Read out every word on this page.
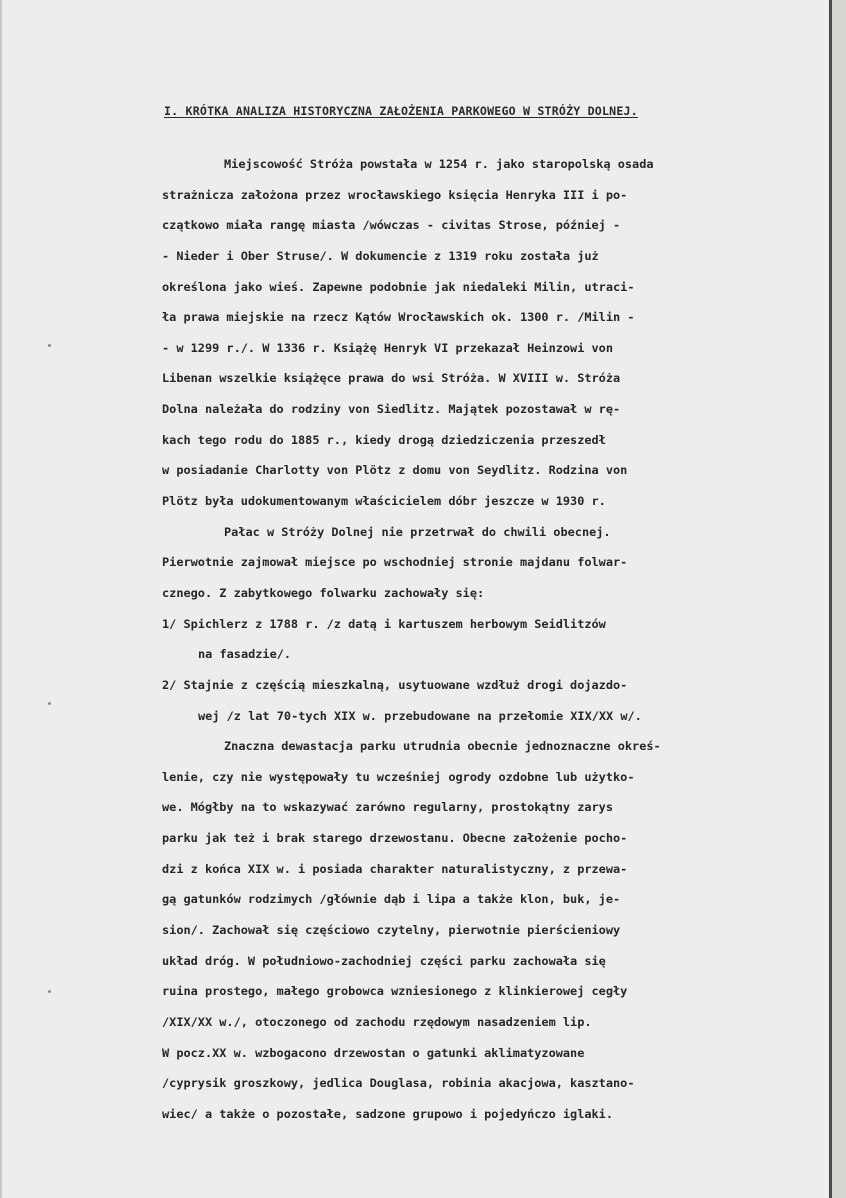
I. KRÓTKA ANALIZA HISTORYCZNA ZAŁOŻENIA PARKOWEGO W STRÓŻY DOLNEJ.
Miejscowość Stróża powstała w 1254 r. jako staropolską osada
strażnicza założona przez wrocławskiego księcia Henryka III i po-
czątkowo miała rangę miasta /wówczas - civitas Strose, później -
- Nieder i Ober Struse/. W dokumencie z 1319 roku została już
określona jako wieś. Zapewne podobnie jak niedaleki Milin, utraci-
ła prawa miejskie na rzecz Kątów Wrocławskich ok. 1300 r. /Milin -
- w 1299 r./. W 1336 r. Książę Henryk VI przekazał Heinzowi von
Libenan wszelkie książęce prawa do wsi Stróża. W XVIII w. Stróża
Dolna należała do rodziny von Siedlitz. Majątek pozostawał w rę-
kach tego rodu do 1885 r., kiedy drogą dziedziczenia przeszedł
w posiadanie Charlotty von Plötz z domu von Seydlitz. Rodzina von
Plötz była udokumentowanym właścicielem dóbr jeszcze w 1930 r.
Pałac w Stróży Dolnej nie przetrwał do chwili obecnej.
Pierwotnie zajmował miejsce po wschodniej stronie majdanu folwar-
cznego. Z zabytkowego folwarku zachowały się:
1/ Spichlerz z 1788 r. /z datą i kartuszem herbowym Seidlitzów
na fasadzie/.
2/ Stajnie z częścią mieszkalną, usytuowane wzdłuż drogi dojazdo-
wej /z lat 70-tych XIX w. przebudowane na przełomie XIX/XX w/.
Znaczna dewastacja parku utrudnia obecnie jednoznaczne okreś-
lenie, czy nie występowały tu wcześniej ogrody ozdobne lub użytko-
we. Mógłby na to wskazywać zarówno regularny, prostokątny zarys
parku jak też i brak starego drzewostanu. Obecne założenie pocho-
dzi z końca XIX w. i posiada charakter naturalistyczny, z przewa-
gą gatunków rodzimych /głównie dąb i lipa a także klon, buk, je-
sion/. Zachował się częściowo czytelny, pierwotnie pierścieniowy
układ dróg. W południowo-zachodniej części parku zachowała się
ruina prostego, małego grobowca wzniesionego z klinkierowej cegły
/XIX/XX w./, otoczonego od zachodu rzędowym nasadzeniem lip.
W pocz.XX w. wzbogacono drzewostan o gatunki aklimatyzowane
/cyprysik groszkowy, jedlica Douglasa, robinia akacjowa, kasztano-
wiec/ a także o pozostałe, sadzone grupowo i pojedyńczo iglaki.
